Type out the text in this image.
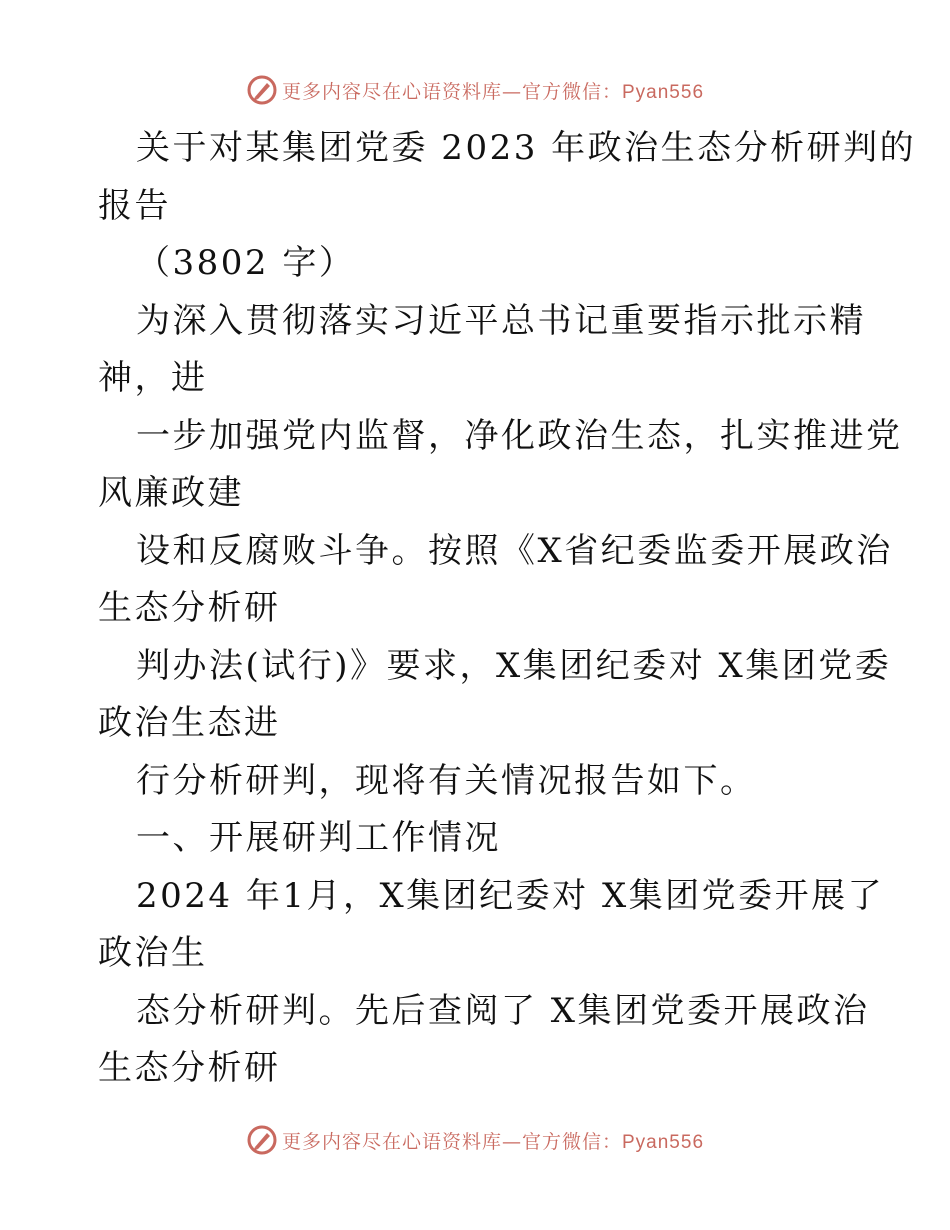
更多内容尽在心语资料库—官方微信：Pyan556
关于对某集团党委 2023 年政治生态分析研判的
报告
（3802 字）
为深入贯彻落实习近平总书记重要指示批示精
神，进
一步加强党内监督，净化政治生态，扎实推进党
风廉政建
设和反腐败斗争。按照《X省纪委监委开展政治
生态分析研
判办法(试行)》要求，X集团纪委对 X集团党委
政治生态进
行分析研判，现将有关情况报告如下。
一、开展研判工作情况
2024 年1月，X集团纪委对 X集团党委开展了
政治生
态分析研判。先后查阅了 X集团党委开展政治
生态分析研
更多内容尽在心语资料库—官方微信：Pyan556
